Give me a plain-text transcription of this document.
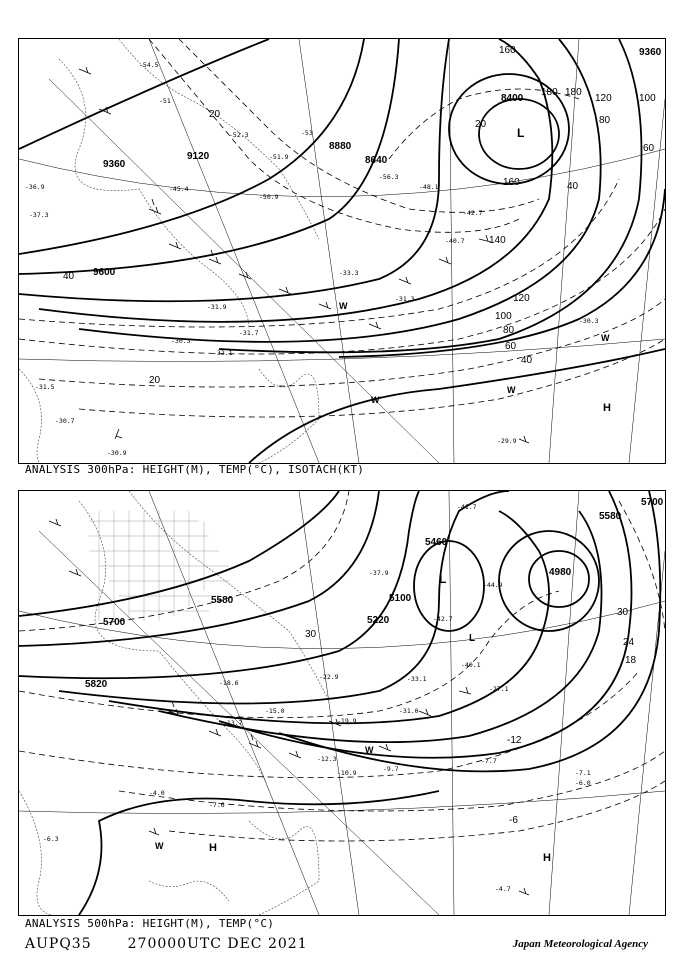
9360
9120
8880
8640
8400
9360
9600
180
160
140
120
100
80
60
40
20
40
20
160
180
120	100
80
60
40
20
-54.5
-51
-52.3
-51.9
-53
-50.9
-36.9
-37.3
-45.4
-31.3
-31.5
-31.9
-33.3
-32.1
-30.3
-31.7
-30.7
-30.9
-30.3
-29.9
-42.7
-40.7
-48.1
-56.3
L
W
W
W
H
W
ANALYSIS 300hPa: HEIGHT(M), TEMP(°C), ISOTACH(KT)
5700
5580
5460
5220
5100
4980
5700
5580
5820
30
24
18
-12
-6
30
-41.7
-40.1
-44.9
-42.7
-27.1
-22.9
-18.6
-15.0
-13.7
-12.3
-10.9	-9.7	-7.1
-6.0
-4.7
-7.6
-4.0
-6.3
-7.7
-19.9
-31.0
-33.1
-37.9	L
L
H
H
W
W
ANALYSIS 500hPa: HEIGHT(M), TEMP(°C)
AUPQ35	270000UTC DEC 2021	Japan Meteorological Agency
